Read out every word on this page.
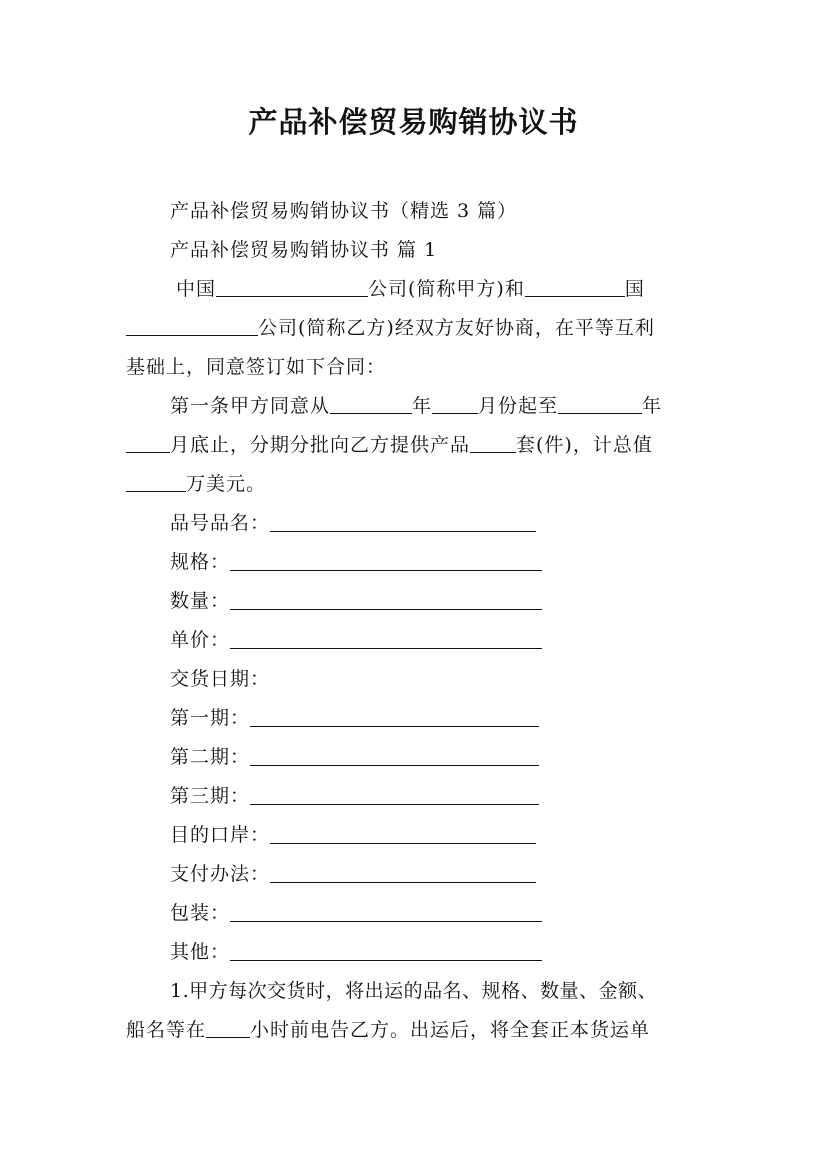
产品补偿贸易购销协议书
产品补偿贸易购销协议书（精选 3 篇）
产品补偿贸易购销协议书 篇 1
中国	公司(简称甲方)和	国
公司(简称乙方)经双方友好协商，在平等互利
基础上，同意签订如下合同：
第一条甲方同意从	年 月份起至	年
月底止，分期分批向乙方提供产品 套(件)，计总值
万美元。
品号品名：
规格：
数量：
单价：
交货日期：
第一期：
第二期：
第三期：
目的口岸：
支付办法：
包装：
其他：
1.甲方每次交货时，将出运的品名、规格、数量、金额、
船名等在 小时前电告乙方。出运后，将全套正本货运单
